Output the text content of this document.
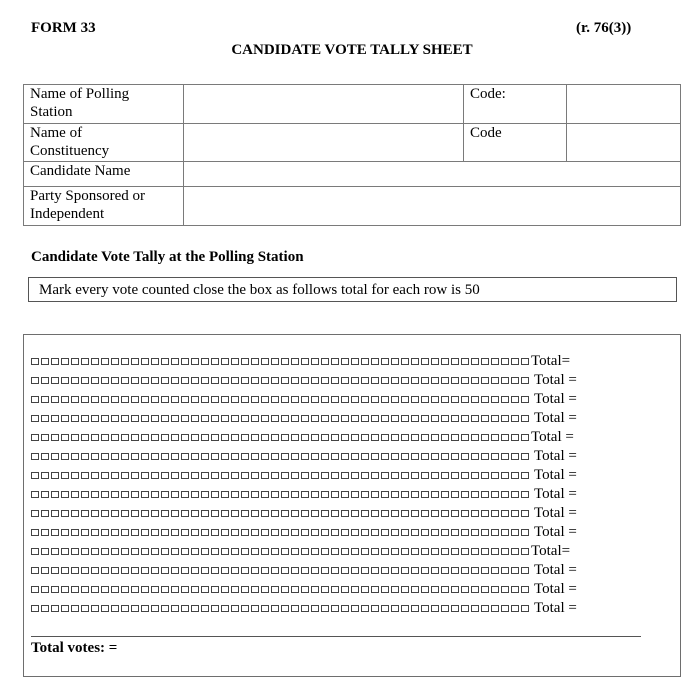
FORM 33	(r. 76(3))
CANDIDATE VOTE TALLY SHEET
Name of Polling
Station		Code:	

Name of
Constituency		Code	
Candidate Name			

Party Sponsored or
Independent			

Candidate Vote Tally at the Polling Station
Mark every vote counted close the box as follows total for each row is 50
Total=
Total =
Total =
Total =
Total =
Total =
Total =
Total =
Total =
Total =
Total=
Total =
Total =
Total =
Total votes: =
